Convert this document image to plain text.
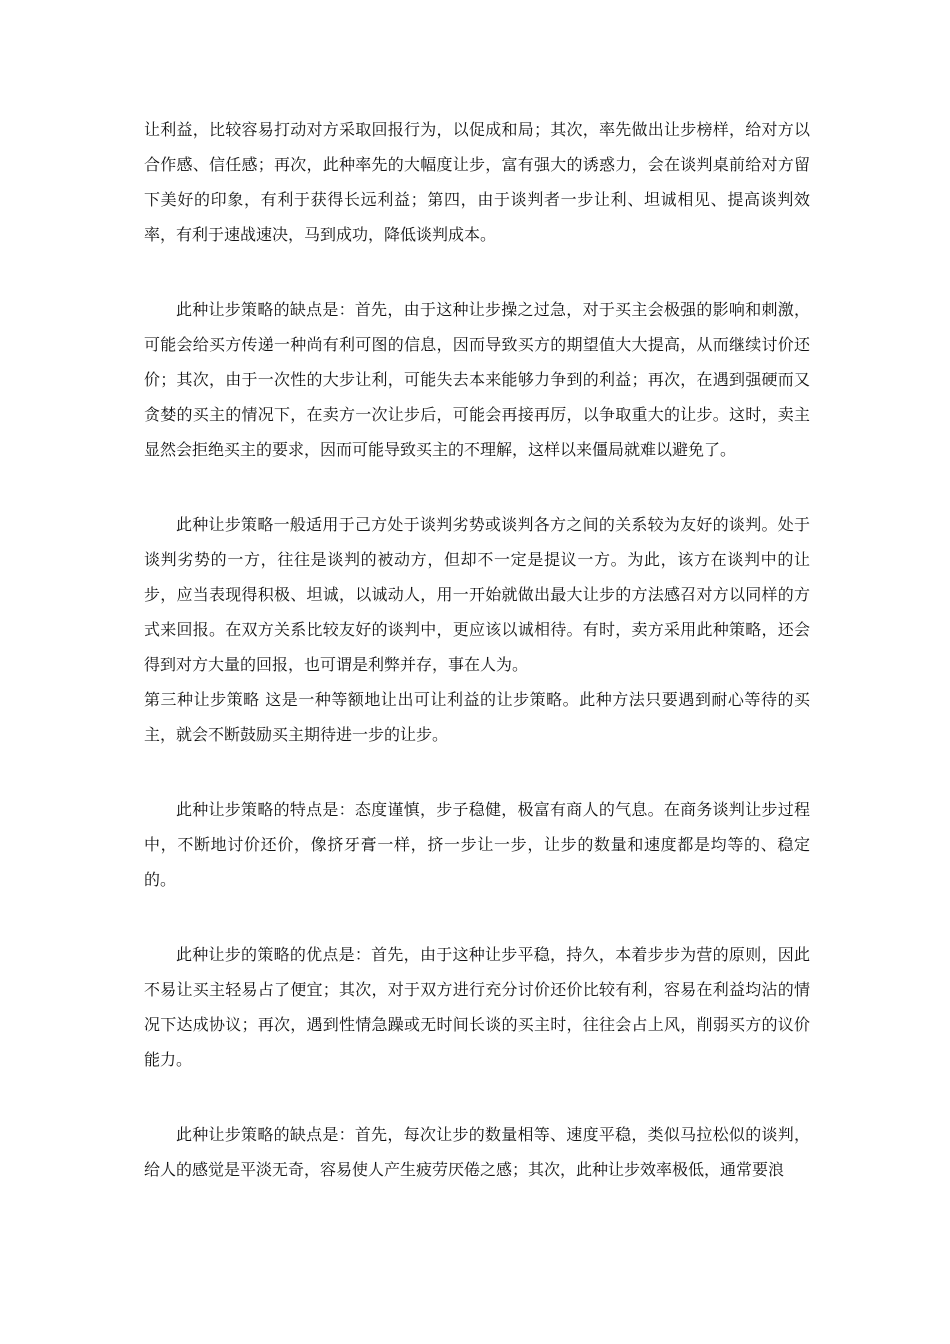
让利益，比较容易打动对方采取回报行为，以促成和局；其次，率先做出让步榜样，给对方以合作感、信任感；再次，此种率先的大幅度让步，富有强大的诱惑力，会在谈判桌前给对方留下美好的印象，有利于获得长远利益；第四，由于谈判者一步让利、坦诚相见、提高谈判效率，有利于速战速决，马到成功，降低谈判成本。

此种让步策略的缺点是：首先，由于这种让步操之过急，对于买主会极强的影响和刺激，可能会给买方传递一种尚有利可图的信息，因而导致买方的期望值大大提高，从而继续讨价还价；其次，由于一次性的大步让利，可能失去本来能够力争到的利益；再次，在遇到强硬而又贪婪的买主的情况下，在卖方一次让步后，可能会再接再厉，以争取重大的让步。这时，卖主显然会拒绝买主的要求，因而可能导致买主的不理解，这样以来僵局就难以避免了。

此种让步策略一般适用于己方处于谈判劣势或谈判各方之间的关系较为友好的谈判。处于谈判劣势的一方，往往是谈判的被动方，但却不一定是提议一方。为此，该方在谈判中的让步，应当表现得积极、坦诚，以诚动人，用一开始就做出最大让步的方法感召对方以同样的方式来回报。在双方关系比较友好的谈判中，更应该以诚相待。有时，卖方采用此种策略，还会得到对方大量的回报，也可谓是利弊并存，事在人为。

第三种让步策略 这是一种等额地让出可让利益的让步策略。此种方法只要遇到耐心等待的买主，就会不断鼓励买主期待进一步的让步。

此种让步策略的特点是：态度谨慎，步子稳健，极富有商人的气息。在商务谈判让步过程中，不断地讨价还价，像挤牙膏一样，挤一步让一步，让步的数量和速度都是均等的、稳定的。

此种让步的策略的优点是：首先，由于这种让步平稳，持久，本着步步为营的原则，因此不易让买主轻易占了便宜；其次，对于双方进行充分讨价还价比较有利，容易在利益均沾的情况下达成协议；再次，遇到性情急躁或无时间长谈的买主时，往往会占上风，削弱买方的议价能力。

此种让步策略的缺点是：首先，每次让步的数量相等、速度平稳，类似马拉松似的谈判，给人的感觉是平淡无奇，容易使人产生疲劳厌倦之感；其次，此种让步效率极低，通常要浪
